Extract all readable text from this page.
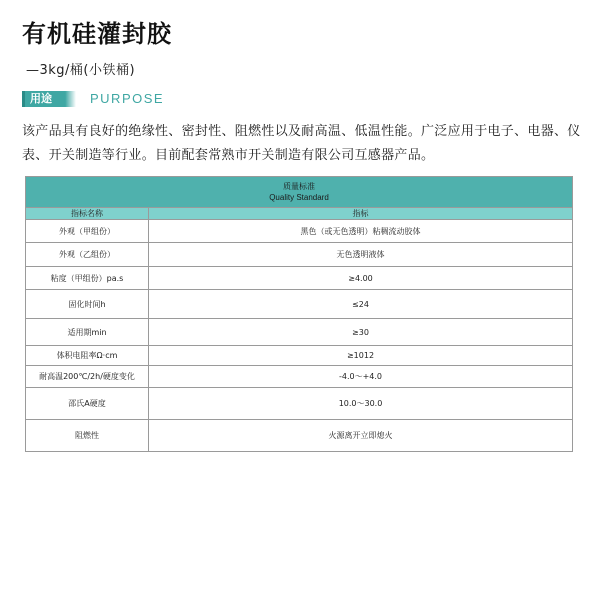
有机硅灌封胶
—3kg/桶(小铁桶)
用途	PURPOSE
该产品具有良好的绝缘性、密封性、阻燃性以及耐高温、低温性能。广泛应用于电子、电器、仪表、开关制造等行业。目前配套常熟市开关制造有限公司互感器产品。
质量标准
Quality Standard	

指标名称	指标
外观（甲组份）	黑色（或无色透明）粘稠流动胶体
外观（乙组份）	无色透明液体
粘度（甲组份）pa.s	≥4.00
固化时间h	≤24
适用期min	≥30
体积电阻率Ω·cm	≥1012
耐高温200℃/2h/硬度变化	-4.0～+4.0
邵氏A硬度	10.0～30.0
阻燃性	火源离开立即熄火
